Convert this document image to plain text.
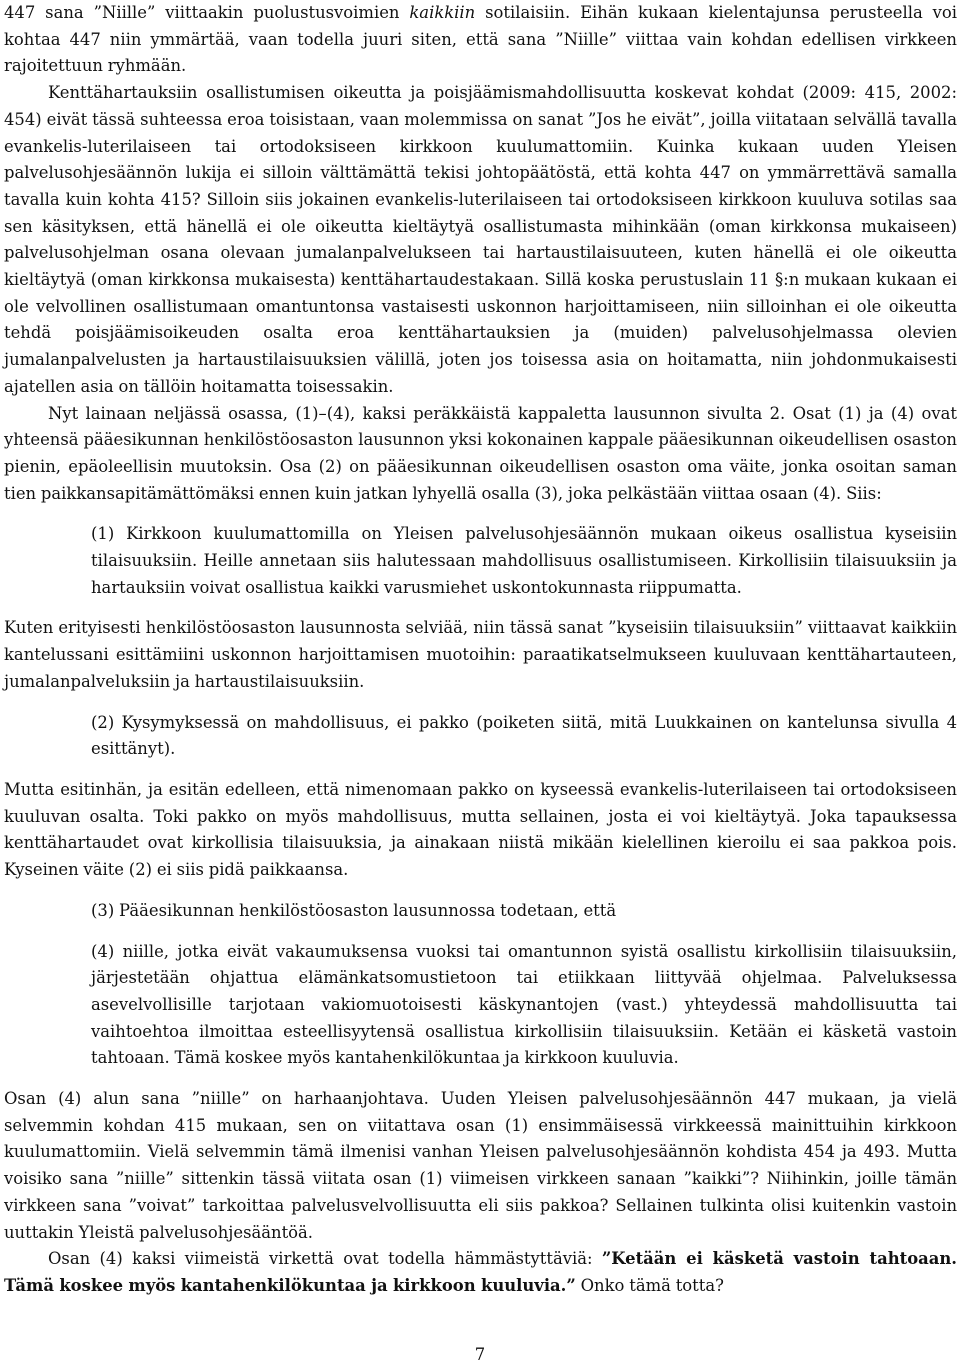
447 sana ”Niille” viittaakin puolustusvoimien kaikkiin sotilaisiin. Eihän kukaan kielentajunsa perusteella voi kohtaa 447 niin ymmärtää, vaan todella juuri siten, että sana ”Niille” viittaa vain kohdan edellisen virkkeen rajoitettuun ryhmään.

Kenttähartauksiin osallistumisen oikeutta ja poisjäämismahdollisuutta koskevat kohdat (2009: 415, 2002: 454) eivät tässä suhteessa eroa toisistaan, vaan molemmissa on sanat ”Jos he eivät”, joilla viitataan selvällä tavalla evankelis-luterilaiseen tai ortodoksiseen kirkkoon kuulumattomiin. Kuinka kukaan uuden Yleisen palvelusohjesäännön lukija ei silloin välttämättä tekisi johtopäätöstä, että kohta 447 on ymmärrettävä samalla tavalla kuin kohta 415? Silloin siis jokainen evankelis-luterilaiseen tai ortodoksiseen kirkkoon kuuluva sotilas saa sen käsityksen, että hänellä ei ole oikeutta kieltäytyä osallistumasta mihinkään (oman kirkkonsa mukaiseen) palvelusohjelman osana olevaan jumalanpalvelukseen tai hartaustilaisuuteen, kuten hänellä ei ole oikeutta kieltäytyä (oman kirkkonsa mukaisesta) kenttähartaudestakaan. Sillä koska perustuslain 11 §:n mukaan kukaan ei ole velvollinen osallistumaan omantuntonsa vastaisesti uskonnon harjoittamiseen, niin silloinhan ei ole oikeutta tehdä poisjäämisoikeuden osalta eroa kenttähartauksien ja (muiden) palvelusohjelmassa olevien jumalanpalvelusten ja hartaustilaisuuksien välillä, joten jos toisessa asia on hoitamatta, niin johdonmukaisesti ajatellen asia on tällöin hoitamatta toisessakin.

Nyt lainaan neljässä osassa, (1)–(4), kaksi peräkkäistä kappaletta lausunnon sivulta 2. Osat (1) ja (4) ovat yhteensä pääesikunnan henkilöstöosaston lausunnon yksi kokonainen kappale pääesikunnan oikeudellisen osaston pienin, epäoleellisin muutoksin. Osa (2) on pääesikunnan oikeudellisen osaston oma väite, jonka osoitan saman tien paikkansapitämättömäksi ennen kuin jatkan lyhyellä osalla (3), joka pelkästään viittaa osaan (4). Siis:

(1) Kirkkoon kuulumattomilla on Yleisen palvelusohjesäännön mukaan oikeus osallistua kyseisiin tilaisuuksiin. Heille annetaan siis halutessaan mahdollisuus osallistumiseen. Kirkollisiin tilaisuuksiin ja hartauksiin voivat osallistua kaikki varusmiehet uskontokunnasta riippumatta.

Kuten erityisesti henkilöstöosaston lausunnosta selviää, niin tässä sanat ”kyseisiin tilaisuuksiin” viittaavat kaikkiin kantelussani esittämiini uskonnon harjoittamisen muotoihin: paraatikatselmukseen kuuluvaan kenttähartauteen, jumalanpalveluksiin ja hartaustilaisuuksiin.

(2) Kysymyksessä on mahdollisuus, ei pakko (poiketen siitä, mitä Luukkainen on kantelunsa sivulla 4 esittänyt).

Mutta esitinhän, ja esitän edelleen, että nimenomaan pakko on kyseessä evankelis-luterilaiseen tai ortodoksiseen kuuluvan osalta. Toki pakko on myös mahdollisuus, mutta sellainen, josta ei voi kieltäytyä. Joka tapauksessa kenttähartaudet ovat kirkollisia tilaisuuksia, ja ainakaan niistä mikään kielellinen kieroilu ei saa pakkoa pois. Kyseinen väite (2) ei siis pidä paikkaansa.

(3) Pääesikunnan henkilöstöosaston lausunnossa todetaan, että

(4) niille, jotka eivät vakaumuksensa vuoksi tai omantunnon syistä osallistu kirkollisiin tilaisuuksiin, järjestetään ohjattua elämänkatsomustietoon tai etiikkaan liittyvää ohjelmaa. Palveluksessa asevelvollisille tarjotaan vakiomuotoisesti käskynantojen (vast.) yhteydessä mahdollisuutta tai vaihtoehtoa ilmoittaa esteellisyytensä osallistua kirkollisiin tilaisuuksiin. Ketään ei käsketä vastoin tahtoaan. Tämä koskee myös kantahenkilökuntaa ja kirkkoon kuuluvia.

Osan (4) alun sana ”niille” on harhaanjohtava. Uuden Yleisen palvelusohjesäännön 447 mukaan, ja vielä selvemmin kohdan 415 mukaan, sen on viitattava osan (1) ensimmäisessä virkkeessä mainittuihin kirkkoon kuulumattomiin. Vielä selvemmin tämä ilmenisi vanhan Yleisen palvelusohjesäännön kohdista 454 ja 493. Mutta voisiko sana ”niille” sittenkin tässä viitata osan (1) viimeisen virkkeen sanaan ”kaikki”? Niihinkin, joille tämän virkkeen sana ”voivat” tarkoittaa palvelusvelvollisuutta eli siis pakkoa? Sellainen tulkinta olisi kuitenkin vastoin uuttakin Yleistä palvelusohjesääntöä.

Osan (4) kaksi viimeistä virkettä ovat todella hämmästyttäviä: ”Ketään ei käsketä vastoin tahtoaan. Tämä koskee myös kantahenkilökuntaa ja kirkkoon kuuluvia.” Onko tämä totta?

7
